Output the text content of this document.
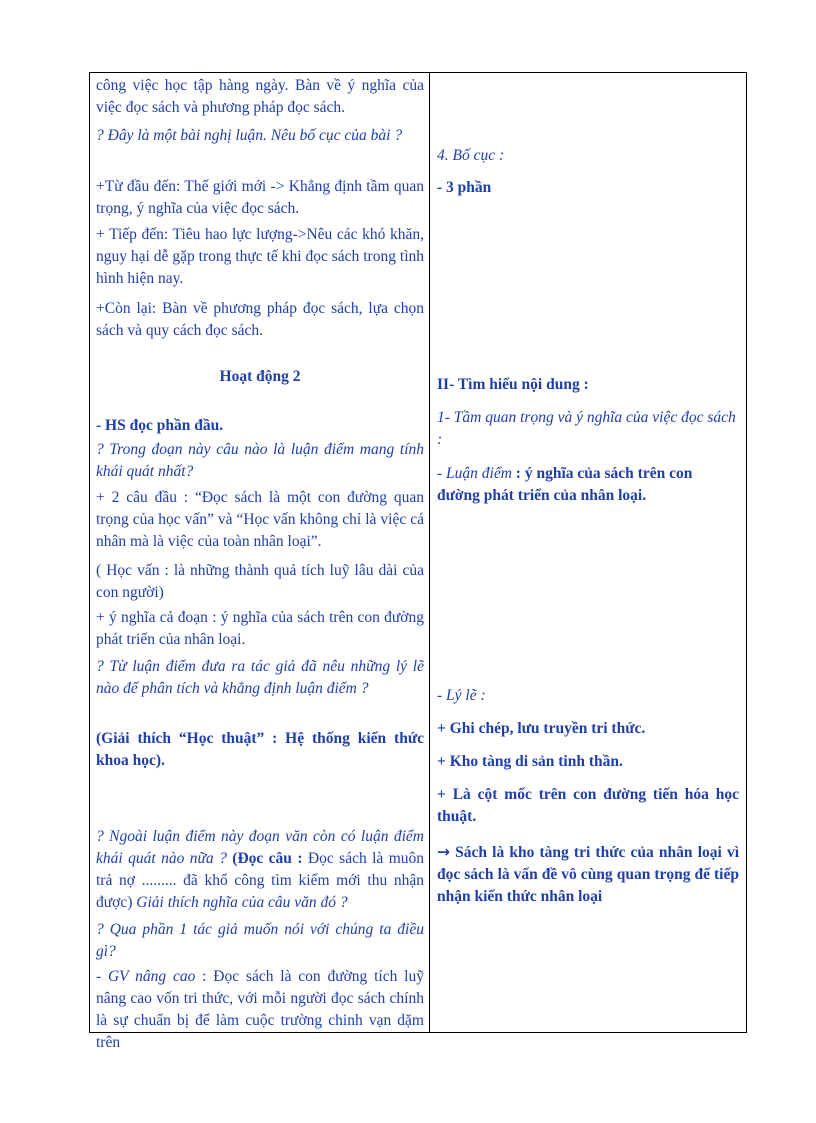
công việc học tập hàng ngày. Bàn về ý nghĩa của việc đọc sách và phương pháp đọc sách.
? Đây là một bài nghị luận. Nêu bố cục của bài ?
+Từ đầu đến: Thế giới mới -> Khẳng định tầm quan trọng, ý nghĩa của việc đọc sách.
+ Tiếp đến: Tiêu hao lực lượng->Nêu các khó khăn, nguy hại dễ gặp trong thực tế khi đọc sách trong tình hình hiện nay.
+Còn lại: Bàn về phương pháp đọc sách, lựa chọn sách và quy cách đọc sách.
Hoạt động 2
- HS đọc phần đầu.
? Trong đoạn này câu nào là luận điểm mang tính khái quát nhất?
+ 2 câu đầu : “Đọc sách là một con đường quan trọng của học vấn” và “Học vấn không chỉ là việc cá nhân mà là việc của toàn nhân loại”.
( Học vấn : là những thành quả tích luỹ lâu dài của con người)
+ ý nghĩa cả đoạn : ý nghĩa của sách trên con đường phát triển của nhân loại.
? Từ luận điểm đưa ra tác giả đã nêu những lý lẽ nào để phân tích và khẳng định luận điểm ?
(Giải thích “Học thuật” : Hệ thống kiến thức khoa học).
? Ngoài luận điểm này đoạn văn còn có luận điểm khái quát nào nữa ? (Đọc câu : Đọc sách là muôn trả nợ ......... đã khổ công tìm kiếm mới thu nhận được) Giải thích nghĩa của câu văn đó ?
? Qua phần 1 tác giả muốn nói với chúng ta điều gì?
- GV nâng cao : Đọc sách là con đường tích luỹ nâng cao vốn tri thức, với mỗi người đọc sách chính là sự chuẩn bị để làm cuộc trường chinh vạn dặm trên
4. Bố cục :
- 3 phần
II- Tìm hiểu nội dung :
1- Tầm quan trọng và ý nghĩa của việc đọc sách :
- Luận điểm : ý nghĩa của sách trên con đường phát triển của nhân loại.
- Lý lẽ :
+ Ghi chép, lưu truyền tri thức.
+ Kho tàng di sản tinh thần.
+ Là cột mốc trên con đường tiến hóa học thuật.
→ Sách là kho tàng tri thức của nhân loại vì đọc sách là vấn đề vô cùng quan trọng để tiếp nhận kiến thức nhân loại
